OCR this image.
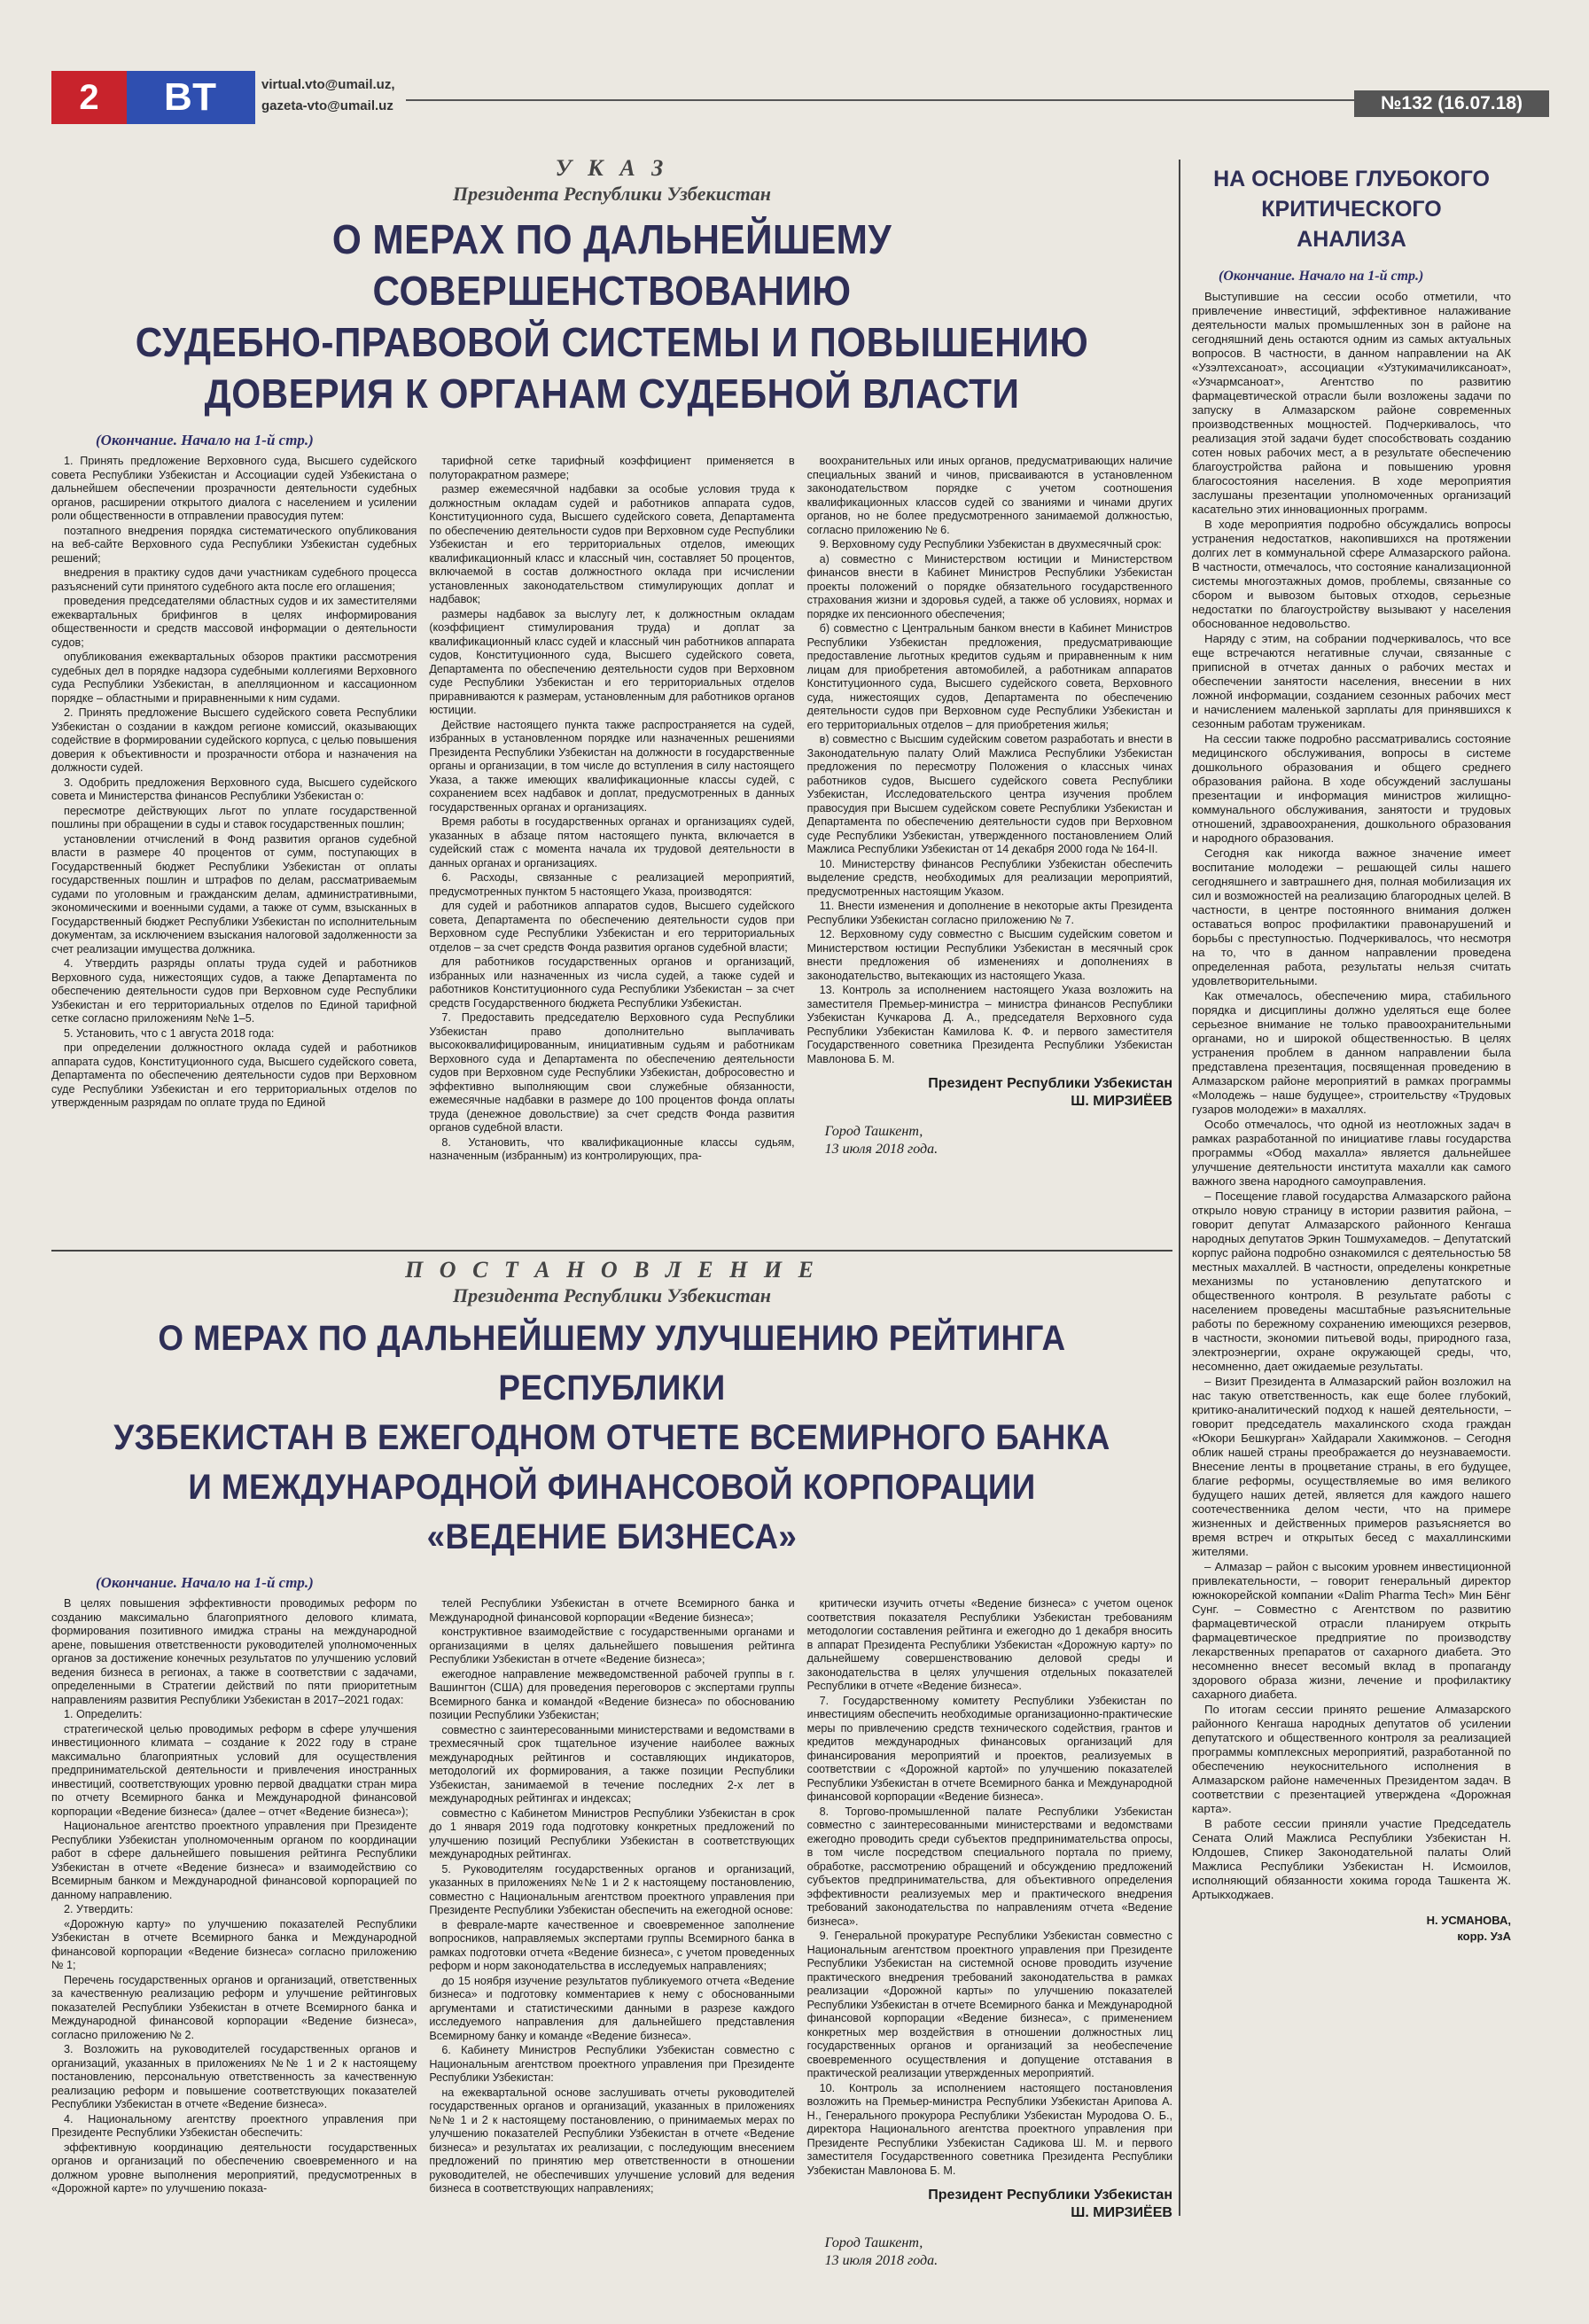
2	ВТ	virtual.vto@umail.uz,
gazeta-vto@umail.uz	№132 (16.07.18)
У К А З
Президента Республики Узбекистан
О МЕРАХ ПО ДАЛЬНЕЙШЕМУ СОВЕРШЕНСТВОВАНИЮ
СУДЕБНО-ПРАВОВОЙ СИСТЕМЫ И ПОВЫШЕНИЮ
ДОВЕРИЯ К ОРГАНАМ СУДЕБНОЙ ВЛАСТИ
(Окончание. Начало на 1-й стр.)

1. Принять предложение Верховного суда, Высшего судейского совета Республики Узбекистан и Ассоциации судей Узбекистана о дальнейшем обеспечении прозрачности деятельности судебных органов, расширении открытого диалога с населением и усилении роли общественности в отправлении правосудия путем:

поэтапного внедрения порядка систематического опубликования на веб-сайте Верховного суда Республики Узбекистан судебных решений;

внедрения в практику судов дачи участникам судебного процесса разъяснений сути принятого судебного акта после его оглашения;

проведения председателями областных судов и их заместителями ежеквартальных брифингов в целях информирования общественности и средств массовой информации о деятельности судов;

опубликования ежеквартальных обзоров практики рассмотрения судебных дел в порядке надзора судебными коллегиями Верховного суда Республики Узбекистан, в апелляционном и кассационном порядке – областными и приравненными к ним судами.

2. Принять предложение Высшего судейского совета Республики Узбекистан о создании в каждом регионе комиссий, оказывающих содействие в формировании судейского корпуса, с целью повышения доверия к объективности и прозрачности отбора и назначения на должности судей.

3. Одобрить предложения Верховного суда, Высшего судейского совета и Министерства финансов Республики Узбекистан о:

пересмотре действующих льгот по уплате государственной пошлины при обращении в суды и ставок государственных пошлин;

установлении отчислений в Фонд развития органов судебной власти в размере 40 процентов от сумм, поступающих в Государственный бюджет Республики Узбекистан от оплаты государственных пошлин и штрафов по делам, рассматриваемым судами по уголовным и гражданским делам, административными, экономическими и военными судами, а также от сумм, взысканных в Государственный бюджет Республики Узбекистан по исполнительным документам, за исключением взыскания налоговой задолженности за счет реализации имущества должника.

4. Утвердить разряды оплаты труда судей и работников Верховного суда, нижестоящих судов, а также Департамента по обеспечению деятельности судов при Верховном суде Республики Узбекистан и его территориальных отделов по Единой тарифной сетке согласно приложениям №№ 1–5.

5. Установить, что с 1 августа 2018 года:

при определении должностного оклада судей и работников аппарата судов, Конституционного суда, Высшего судейского совета, Департамента по обеспечению деятельности судов при Верховном суде Республики Узбекистан и его территориальных отделов по утвержденным разрядам по оплате труда по Единой

тарифной сетке тарифный коэффициент применяется в полуторакратном размере;

размер ежемесячной надбавки за особые условия труда к должностным окладам судей и работников аппарата судов, Конституционного суда, Высшего судейского совета, Департамента по обеспечению деятельности судов при Верховном суде Республики Узбекистан и его территориальных отделов, имеющих квалификационный класс и классный чин, составляет 50 процентов, включаемой в состав должностного оклада при исчислении установленных законодательством стимулирующих доплат и надбавок;

размеры надбавок за выслугу лет, к должностным окладам (коэффициент стимулирования труда) и доплат за квалификационный класс судей и классный чин работников аппарата судов, Конституционного суда, Высшего судейского совета, Департамента по обеспечению деятельности судов при Верховном суде Республики Узбекистан и его территориальных отделов приравниваются к размерам, установленным для работников органов юстиции.

Действие настоящего пункта также распространяется на судей, избранных в установленном порядке или назначенных решениями Президента Республики Узбекистан на должности в государственные органы и организации, в том числе до вступления в силу настоящего Указа, а также имеющих квалификационные классы судей, с сохранением всех надбавок и доплат, предусмотренных в данных государственных органах и организациях.

Время работы в государственных органах и организациях судей, указанных в абзаце пятом настоящего пункта, включается в судейский стаж с момента начала их трудовой деятельности в данных органах и организациях.

6. Расходы, связанные с реализацией мероприятий, предусмотренных пунктом 5 настоящего Указа, производятся:

для судей и работников аппаратов судов, Высшего судейского совета, Департамента по обеспечению деятельности судов при Верховном суде Республики Узбекистан и его территориальных отделов – за счет средств Фонда развития органов судебной власти;

для работников государственных органов и организаций, избранных или назначенных из числа судей, а также судей и работников Конституционного суда Республики Узбекистан – за счет средств Государственного бюджета Республики Узбекистан.

7. Предоставить председателю Верховного суда Республики Узбекистан право дополнительно выплачивать высококвалифицированным, инициативным судьям и работникам Верховного суда и Департамента по обеспечению деятельности судов при Верховном суде Республики Узбекистан, добросовестно и эффективно выполняющим свои служебные обязанности, ежемесячные надбавки в размере до 100 процентов фонда оплаты труда (денежное довольствие) за счет средств Фонда развития органов судебной власти.

8. Установить, что квалификационные классы судьям, назначенным (избранным) из контролирующих, пра-

воохранительных или иных органов, предусматривающих наличие специальных званий и чинов, присваиваются в установленном законодательством порядке с учетом соотношения квалификационных классов судей со званиями и чинами других органов, но не более предусмотренного занимаемой должностью, согласно приложению № 6.

9. Верховному суду Республики Узбекистан в двухмесячный срок:

а) совместно с Министерством юстиции и Министерством финансов внести в Кабинет Министров Республики Узбекистан проекты положений о порядке обязательного государственного страхования жизни и здоровья судей, а также об условиях, нормах и порядке их пенсионного обеспечения;

б) совместно с Центральным банком внести в Кабинет Министров Республики Узбекистан предложения, предусматривающие предоставление льготных кредитов судьям и приравненным к ним лицам для приобретения автомобилей, а работникам аппаратов Конституционного суда, Высшего судейского совета, Верховного суда, нижестоящих судов, Департамента по обеспечению деятельности судов при Верховном суде Республики Узбекистан и его территориальных отделов – для приобретения жилья;

в) совместно с Высшим судейским советом разработать и внести в Законодательную палату Олий Мажлиса Республики Узбекистан предложения по пересмотру Положения о классных чинах работников судов, Высшего судейского совета Республики Узбекистан, Исследовательского центра изучения проблем правосудия при Высшем судейском совете Республики Узбекистан и Департамента по обеспечению деятельности судов при Верховном суде Республики Узбекистан, утвержденного постановлением Олий Мажлиса Республики Узбекистан от 14 декабря 2000 года № 164-II.

10. Министерству финансов Республики Узбекистан обеспечить выделение средств, необходимых для реализации мероприятий, предусмотренных настоящим Указом.

11. Внести изменения и дополнение в некоторые акты Президента Республики Узбекистан согласно приложению № 7.

12. Верховному суду совместно с Высшим судейским советом и Министерством юстиции Республики Узбекистан в месячный срок внести предложения об изменениях и дополнениях в законодательство, вытекающих из настоящего Указа.

13. Контроль за исполнением настоящего Указа возложить на заместителя Премьер-министра – министра финансов Республики Узбекистан Кучкарова Д. А., председателя Верховного суда Республики Узбекистан Камилова К. Ф. и первого заместителя Государственного советника Президента Республики Узбекистан Мавлонова Б. М.

Президент Республики Узбекистан
Ш. МИРЗИЁЕВ
Город Ташкент,
13 июля 2018 года.
П О С Т А Н О В Л Е Н И Е
Президента Республики Узбекистан
О МЕРАХ ПО ДАЛЬНЕЙШЕМУ УЛУЧШЕНИЮ РЕЙТИНГА РЕСПУБЛИКИ
УЗБЕКИСТАН В ЕЖЕГОДНОМ ОТЧЕТЕ ВСЕМИРНОГО БАНКА
И МЕЖДУНАРОДНОЙ ФИНАНСОВОЙ КОРПОРАЦИИ «ВЕДЕНИЕ БИЗНЕСА»
(Окончание. Начало на 1-й стр.)

В целях повышения эффективности проводимых реформ по созданию максимально благоприятного делового климата, формирования позитивного имиджа страны на международной арене, повышения ответственности руководителей уполномоченных органов за достижение конечных результатов по улучшению условий ведения бизнеса в регионах, а также в соответствии с задачами, определенными в Стратегии действий по пяти приоритетным направлениям развития Республики Узбекистан в 2017–2021 годах:

1. Определить:

стратегической целью проводимых реформ в сфере улучшения инвестиционного климата – создание к 2022 году в стране максимально благоприятных условий для осуществления предпринимательской деятельности и привлечения иностранных инвестиций, соответствующих уровню первой двадцатки стран мира по отчету Всемирного банка и Международной финансовой корпорации «Ведение бизнеса» (далее – отчет «Ведение бизнеса»);

Национальное агентство проектного управления при Президенте Республики Узбекистан уполномоченным органом по координации работ в сфере дальнейшего повышения рейтинга Республики Узбекистан в отчете «Ведение бизнеса» и взаимодействию со Всемирным банком и Международной финансовой корпорацией по данному направлению.

2. Утвердить:

«Дорожную карту» по улучшению показателей Республики Узбекистан в отчете Всемирного банка и Международной финансовой корпорации «Ведение бизнеса» согласно приложению № 1;

Перечень государственных органов и организаций, ответственных за качественную реализацию реформ и улучшение рейтинговых показателей Республики Узбекистан в отчете Всемирного банка и Международной финансовой корпорации «Ведение бизнеса», согласно приложению № 2.

3. Возложить на руководителей государственных органов и организаций, указанных в приложениях №№ 1 и 2 к настоящему постановлению, персональную ответственность за качественную реализацию реформ и повышение соответствующих показателей Республики Узбекистан в отчете «Ведение бизнеса».

4. Национальному агентству проектного управления при Президенте Республики Узбекистан обеспечить:

эффективную координацию деятельности государственных органов и организаций по обеспечению своевременного и на должном уровне выполнения мероприятий, предусмотренных в «Дорожной карте» по улучшению показа-

телей Республики Узбекистан в отчете Всемирного банка и Международной финансовой корпорации «Ведение бизнеса»;

конструктивное взаимодействие с государственными органами и организациями в целях дальнейшего повышения рейтинга Республики Узбекистан в отчете «Ведение бизнеса»;

ежегодное направление межведомственной рабочей группы в г. Вашингтон (США) для проведения переговоров с экспертами группы Всемирного банка и командой «Ведение бизнеса» по обоснованию позиции Республики Узбекистан;

совместно с заинтересованными министерствами и ведомствами в трехмесячный срок тщательное изучение наиболее важных международных рейтингов и составляющих индикаторов, методологий их формирования, а также позиции Республики Узбекистан, занимаемой в течение последних 2-х лет в международных рейтингах и индексах;

совместно с Кабинетом Министров Республики Узбекистан в срок до 1 января 2019 года подготовку конкретных предложений по улучшению позиций Республики Узбекистан в соответствующих международных рейтингах.

5. Руководителям государственных органов и организаций, указанных в приложениях №№ 1 и 2 к настоящему постановлению, совместно с Национальным агентством проектного управления при Президенте Республики Узбекистан обеспечить на ежегодной основе:

в феврале-марте качественное и своевременное заполнение вопросников, направляемых экспертами группы Всемирного банка в рамках подготовки отчета «Ведение бизнеса», с учетом проведенных реформ и норм законодательства в исследуемых направлениях;

до 15 ноября изучение результатов публикуемого отчета «Ведение бизнеса» и подготовку комментариев к нему с обоснованными аргументами и статистическими данными в разрезе каждого исследуемого направления для дальнейшего представления Всемирному банку и команде «Ведение бизнеса».

6. Кабинету Министров Республики Узбекистан совместно с Национальным агентством проектного управления при Президенте Республики Узбекистан:

на ежеквартальной основе заслушивать отчеты руководителей государственных органов и организаций, указанных в приложениях №№ 1 и 2 к настоящему постановлению, о принимаемых мерах по улучшению показателей Республики Узбекистан в отчете «Ведение бизнеса» и результатах их реализации, с последующим внесением предложений по принятию мер ответственности в отношении руководителей, не обеспечивших улучшение условий для ведения бизнеса в соответствующих направлениях;

критически изучить отчеты «Ведение бизнеса» с учетом оценок соответствия показателя Республики Узбекистан требованиям методологии составления рейтинга и ежегодно до 1 декабря вносить в аппарат Президента Республики Узбекистан «Дорожную карту» по дальнейшему совершенствованию деловой среды и законодательства в целях улучшения отдельных показателей Республики в отчете «Ведение бизнеса».

7. Государственному комитету Республики Узбекистан по инвестициям обеспечить необходимые организационно-практические меры по привлечению средств технического содействия, грантов и кредитов международных финансовых организаций для финансирования мероприятий и проектов, реализуемых в соответствии с «Дорожной картой» по улучшению показателей Республики Узбекистан в отчете Всемирного банка и Международной финансовой корпорации «Ведение бизнеса».

8. Торгово-промышленной палате Республики Узбекистан совместно с заинтересованными министерствами и ведомствами ежегодно проводить среди субъектов предпринимательства опросы, в том числе посредством специального портала по приему, обработке, рассмотрению обращений и обсуждению предложений субъектов предпринимательства, для объективного определения эффективности реализуемых мер и практического внедрения требований законодательства по направлениям отчета «Ведение бизнеса».

9. Генеральной прокуратуре Республики Узбекистан совместно с Национальным агентством проектного управления при Президенте Республики Узбекистан на системной основе проводить изучение практического внедрения требований законодательства в рамках реализации «Дорожной карты» по улучшению показателей Республики Узбекистан в отчете Всемирного банка и Международной финансовой корпорации «Ведение бизнеса», с применением конкретных мер воздействия в отношении должностных лиц государственных органов и организаций за необеспечение своевременного осуществления и допущение отставания в практической реализации утвержденных мероприятий.

10. Контроль за исполнением настоящего постановления возложить на Премьер-министра Республики Узбекистан Арипова А. Н., Генерального прокурора Республики Узбекистан Муродова О. Б., директора Национального агентства проектного управления при Президенте Республики Узбекистан Садикова Ш. М. и первого заместителя Государственного советника Президента Республики Узбекистан Мавлонова Б. М.

Президент Республики Узбекистан
Ш. МИРЗИЁЕВ
Город Ташкент,
13 июля 2018 года.
НА ОСНОВЕ ГЛУБОКОГО
КРИТИЧЕСКОГО
АНАЛИЗА
(Окончание. Начало на 1-й стр.)

Выступившие на сессии особо отметили, что привлечение инвестиций, эффективное налаживание деятельности малых промышленных зон в районе на сегодняшний день остаются одним из самых актуальных вопросов. В частности, в данном направлении на АК «Узэлтехсаноат», ассоциации «Узтукимачиликсаноат», «Узчармсаноат», Агентство по развитию фармацевтической отрасли были возложены задачи по запуску в Алмазарском районе современных производственных мощностей. Подчеркивалось, что реализация этой задачи будет способствовать созданию сотен новых рабочих мест, а в результате обеспечению благоустройства района и повышению уровня благосостояния населения. В ходе мероприятия заслушаны презентации уполномоченных организаций касательно этих инновационных программ.

В ходе мероприятия подробно обсуждались вопросы устранения недостатков, накопившихся на протяжении долгих лет в коммунальной сфере Алмазарского района. В частности, отмечалось, что состояние канализационной системы многоэтажных домов, проблемы, связанные со сбором и вывозом бытовых отходов, серьезные недостатки по благоустройству вызывают у населения обоснованное недовольство.

Наряду с этим, на собрании подчеркивалось, что все еще встречаются негативные случаи, связанные с приписной в отчетах данных о рабочих местах и обеспечении занятости населения, внесении в них ложной информации, созданием сезонных рабочих мест и начислением маленькой зарплаты для принявшихся к сезонным работам труженикам.

На сессии также подробно рассматривались состояние медицинского обслуживания, вопросы в системе дошкольного образования и общего среднего образования района. В ходе обсуждений заслушаны презентации и информация министров жилищно-коммунального обслуживания, занятости и трудовых отношений, здравоохранения, дошкольного образования и народного образования.

Сегодня как никогда важное значение имеет воспитание молодежи – решающей силы нашего сегодняшнего и завтрашнего дня, полная мобилизация их сил и возможностей на реализацию благородных целей. В частности, в центре постоянного внимания должен оставаться вопрос профилактики правонарушений и борьбы с преступностью. Подчеркивалось, что несмотря на то, что в данном направлении проведена определенная работа, результаты нельзя считать удовлетворительными.

Как отмечалось, обеспечению мира, стабильного порядка и дисциплины должно уделяться еще более серьезное внимание не только правоохранительными органами, но и широкой общественностью. В целях устранения проблем в данном направлении была представлена презентация, посвященная проведению в Алмазарском районе мероприятий в рамках программы «Молодежь – наше будущее», строительству «Трудовых гузаров молодежи» в махаллях.

Особо отмечалось, что одной из неотложных задач в рамках разработанной по инициативе главы государства программы «Обод махалла» является дальнейшее улучшение деятельности института махалли как самого важного звена народного самоуправления.

– Посещение главой государства Алмазарского района открыло новую страницу в истории развития района, – говорит депутат Алмазарского районного Кенгаша народных депутатов Эркин Тошмухамедов. – Депутатский корпус района подробно ознакомился с деятельностью 58 местных махаллей. В частности, определены конкретные механизмы по установлению депутатского и общественного контроля. В результате работы с населением проведены масштабные разъяснительные работы по бережному сохранению имеющихся резервов, в частности, экономии питьевой воды, природного газа, электроэнергии, охране окружающей среды, что, несомненно, дает ожидаемые результаты.

– Визит Президента в Алмазарский район возложил на нас такую ответственность, как еще более глубокий, критико-аналитический подход к нашей деятельности, – говорит председатель махалинского схода граждан «Юкори Бешкурган» Хайдарали Хакимжонов. – Сегодня облик нашей страны преображается до неузнаваемости. Внесение ленты в процветание страны, в его будущее, благие реформы, осуществляемые во имя великого будущего наших детей, является для каждого нашего соотечественника делом чести, что на примере жизненных и действенных примеров разъясняется во время встреч и открытых бесед с махаллинскими жителями.

– Алмазар – район с высоким уровнем инвестиционной привлекательности, – говорит генеральный директор южнокорейской компании «Dalim Pharma Tech» Мин Бёнг Сунг. – Совместно с Агентством по развитию фармацевтической отрасли планируем открыть фармацевтическое предприятие по производству лекарственных препаратов от сахарного диабета. Это несомненно внесет весомый вклад в пропаганду здорового образа жизни, лечение и профилактику сахарного диабета.

По итогам сессии принято решение Алмазарского районного Кенгаша народных депутатов об усилении депутатского и общественного контроля за реализацией программы комплексных мероприятий, разработанной по обеспечению неукоснительного исполнения в Алмазарском районе намеченных Президентом задач. В соответствии с презентацией утверждена «Дорожная карта».

В работе сессии приняли участие Председатель Сената Олий Мажлиса Республики Узбекистан Н. Юлдошев, Спикер Законодательной палаты Олий Мажлиса Республики Узбекистан Н. Исмоилов, исполняющий обязанности хокима города Ташкента Ж. Артыкходжаев.

Н. УСМАНОВА,
корр. УзА
